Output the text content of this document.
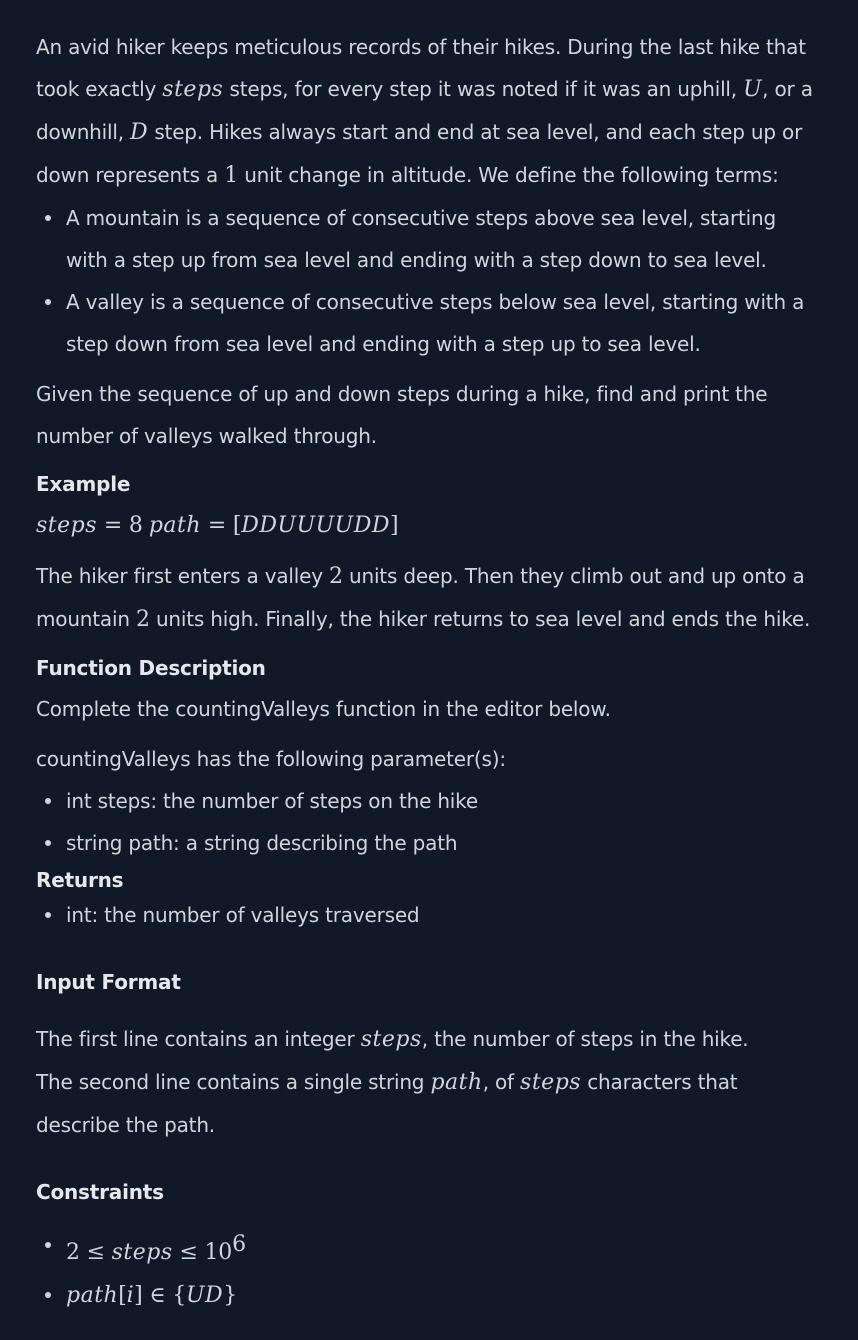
An avid hiker keeps meticulous records of their hikes. During the last hike that took exactly steps steps, for every step it was noted if it was an uphill, U, or a downhill, D step. Hikes always start and end at sea level, and each step up or down represents a 1 unit change in altitude. We define the following terms:

A mountain is a sequence of consecutive steps above sea level, starting with a step up from sea level and ending with a step down to sea level.
A valley is a sequence of consecutive steps below sea level, starting with a step down from sea level and ending with a step up to sea level.

Given the sequence of up and down steps during a hike, find and print the number of valleys walked through.

Example

steps = 8 path = [DDUUUUDD]

The hiker first enters a valley 2 units deep. Then they climb out and up onto a mountain 2 units high. Finally, the hiker returns to sea level and ends the hike.

Function Description

Complete the countingValleys function in the editor below.

countingValleys has the following parameter(s):

int steps: the number of steps on the hike
string path: a string describing the path
Returns
int: the number of valleys traversed
Input Format

The first line contains an integer steps, the number of steps in the hike.

The second line contains a single string path, of steps characters that describe the path.

Constraints
2 ≤ steps ≤ $10^6$
path[i] ∈ {UD}
